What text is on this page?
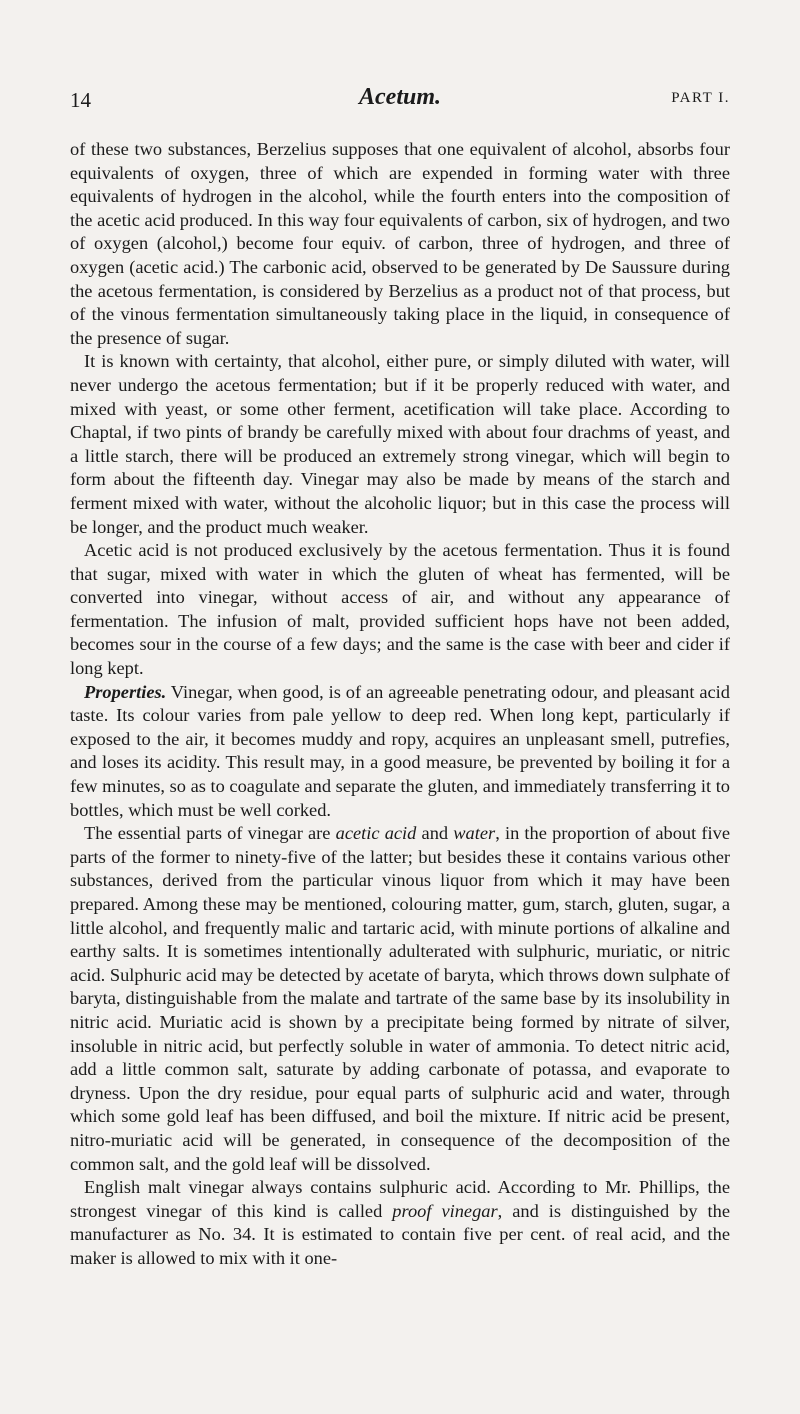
14	Acetum.	PART I.

of these two substances, Berzelius supposes that one equivalent of alcohol, absorbs four equivalents of oxygen, three of which are expended in forming water with three equivalents of hydrogen in the alcohol, while the fourth enters into the composition of the acetic acid produced. In this way four equivalents of carbon, six of hydrogen, and two of oxygen (alcohol,) become four equiv. of carbon, three of hydrogen, and three of oxygen (acetic acid.) The carbonic acid, observed to be generated by De Saussure during the acetous fermentation, is considered by Berzelius as a product not of that process, but of the vinous fermentation simultaneously taking place in the liquid, in consequence of the presence of sugar.

It is known with certainty, that alcohol, either pure, or simply diluted with water, will never undergo the acetous fermentation; but if it be properly reduced with water, and mixed with yeast, or some other ferment, acetification will take place. According to Chaptal, if two pints of brandy be carefully mixed with about four drachms of yeast, and a little starch, there will be produced an extremely strong vinegar, which will begin to form about the fifteenth day. Vinegar may also be made by means of the starch and ferment mixed with water, without the alcoholic liquor; but in this case the process will be longer, and the product much weaker.

Acetic acid is not produced exclusively by the acetous fermentation. Thus it is found that sugar, mixed with water in which the gluten of wheat has fermented, will be converted into vinegar, without access of air, and without any appearance of fermentation. The infusion of malt, provided sufficient hops have not been added, becomes sour in the course of a few days; and the same is the case with beer and cider if long kept.

Properties. Vinegar, when good, is of an agreeable penetrating odour, and pleasant acid taste. Its colour varies from pale yellow to deep red. When long kept, particularly if exposed to the air, it becomes muddy and ropy, acquires an unpleasant smell, putrefies, and loses its acidity. This result may, in a good measure, be prevented by boiling it for a few minutes, so as to coagulate and separate the gluten, and immediately transferring it to bottles, which must be well corked.

The essential parts of vinegar are acetic acid and water, in the proportion of about five parts of the former to ninety-five of the latter; but besides these it contains various other substances, derived from the particular vinous liquor from which it may have been prepared. Among these may be mentioned, colouring matter, gum, starch, gluten, sugar, a little alcohol, and frequently malic and tartaric acid, with minute portions of alkaline and earthy salts. It is sometimes intentionally adulterated with sulphuric, muriatic, or nitric acid. Sulphuric acid may be detected by acetate of baryta, which throws down sulphate of baryta, distinguishable from the malate and tartrate of the same base by its insolubility in nitric acid. Muriatic acid is shown by a precipitate being formed by nitrate of silver, insoluble in nitric acid, but perfectly soluble in water of ammonia. To detect nitric acid, add a little common salt, saturate by adding carbonate of potassa, and evaporate to dryness. Upon the dry residue, pour equal parts of sulphuric acid and water, through which some gold leaf has been diffused, and boil the mixture. If nitric acid be present, nitro-muriatic acid will be generated, in consequence of the decomposition of the common salt, and the gold leaf will be dissolved.

English malt vinegar always contains sulphuric acid. According to Mr. Phillips, the strongest vinegar of this kind is called proof vinegar, and is distinguished by the manufacturer as No. 34. It is estimated to contain five per cent. of real acid, and the maker is allowed to mix with it one-
